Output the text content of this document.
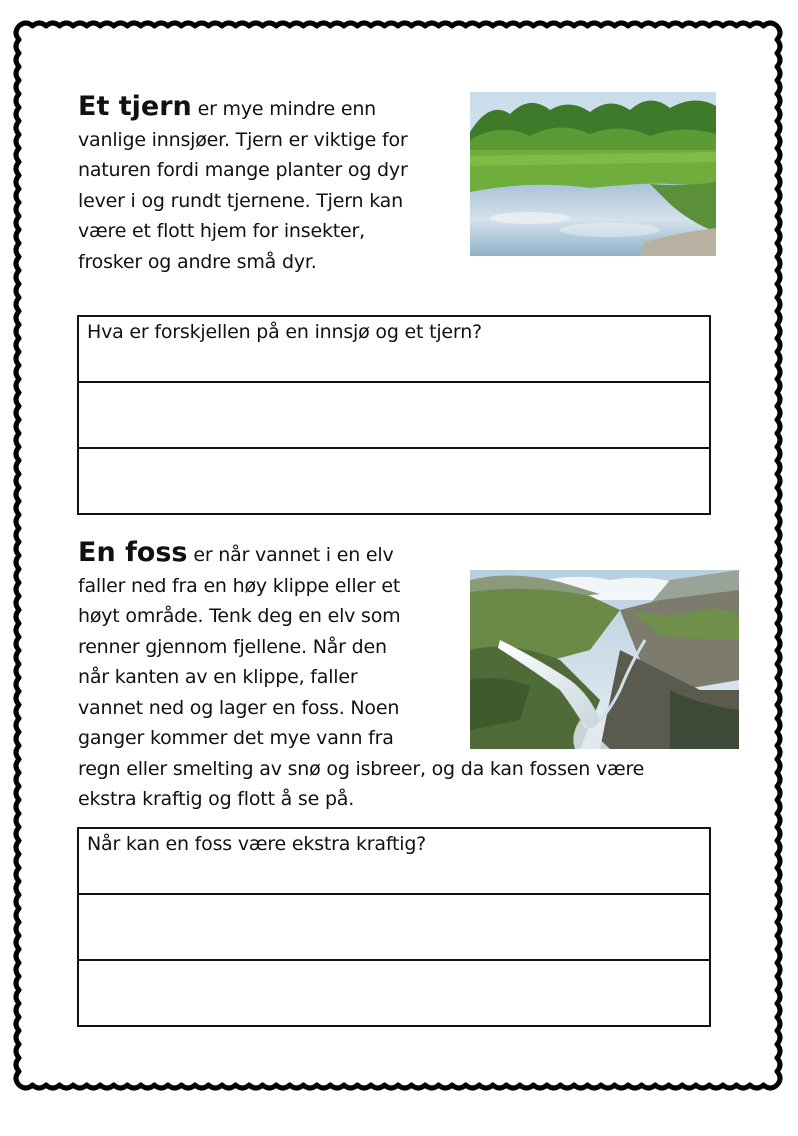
Et tjern er mye mindre enn
vanlige innsjøer. Tjern er viktige for
naturen fordi mange planter og dyr
lever i og rundt tjernene. Tjern kan
være et flott hjem for insekter,
frosker og andre små dyr.
Hva er forskjellen på en innsjø og et tjern?

En foss er når vannet i en elv
faller ned fra en høy klippe eller et
høyt område. Tenk deg en elv som
renner gjennom fjellene. Når den
når kanten av en klippe, faller
vannet ned og lager en foss. Noen
ganger kommer det mye vann fra
regn eller smelting av snø og isbreer, og da kan fossen være
ekstra kraftig og flott å se på.
Når kan en foss være ekstra kraftig?
